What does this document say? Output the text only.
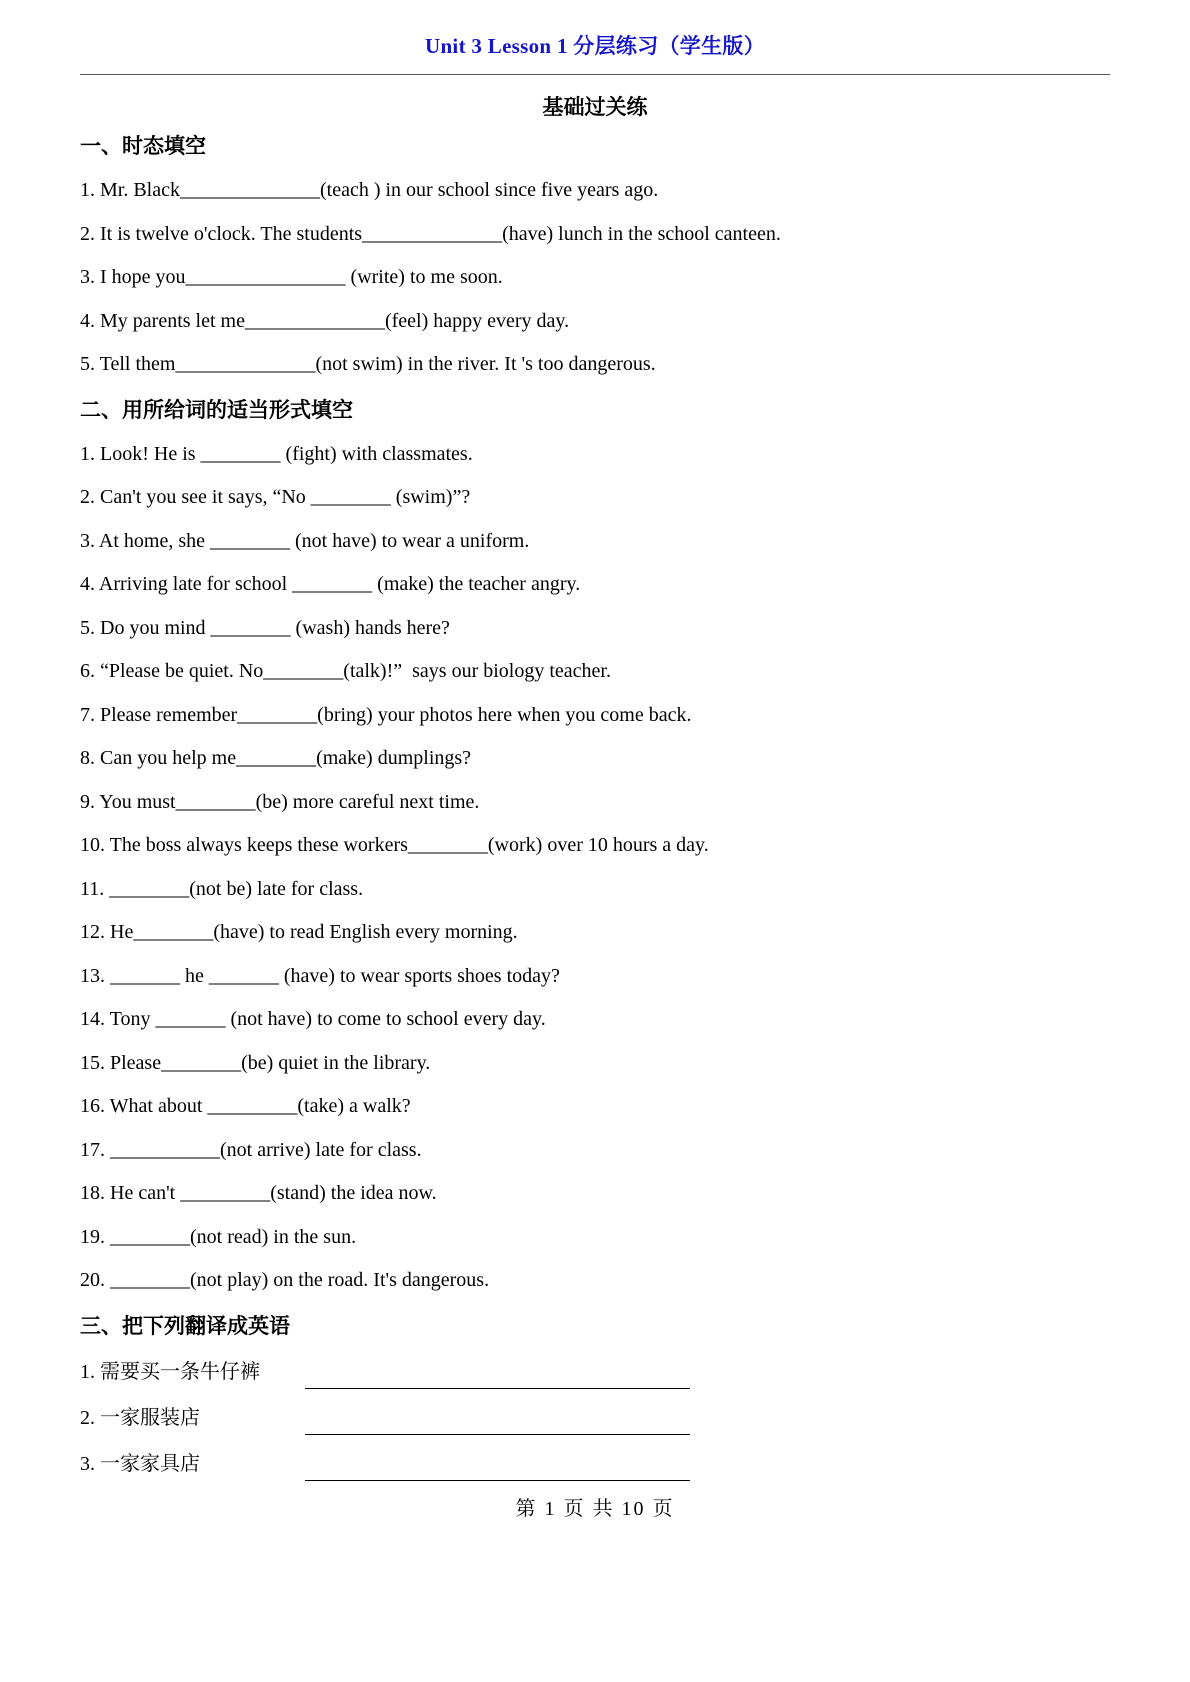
Unit 3 Lesson 1 分层练习（学生版）
基础过关练
一、时态填空
1. Mr. Black______________(teach ) in our school since five years ago.
2. It is twelve o'clock. The students______________(have) lunch in the school canteen.
3. I hope you________________ (write) to me soon.
4. My parents let me______________(feel) happy every day.
5. Tell them______________(not swim) in the river. It 's too dangerous.
二、用所给词的适当形式填空
1. Look! He is ________ (fight) with classmates.
2. Can't you see it says, “No ________ (swim)”?
3. At home, she ________ (not have) to wear a uniform.
4. Arriving late for school ________ (make) the teacher angry.
5. Do you mind ________ (wash) hands here?
6. “Please be quiet. No________(talk)!”  says our biology teacher.
7. Please remember________(bring) your photos here when you come back.
8. Can you help me________(make) dumplings?
9. You must________(be) more careful next time.
10. The boss always keeps these workers________(work) over 10 hours a day.
11. ________(not be) late for class.
12. He________(have) to read English every morning.
13. _______ he _______ (have) to wear sports shoes today?
14. Tony _______ (not have) to come to school every day.
15. Please________(be) quiet in the library.
16. What about _________(take) a walk?
17. ___________(not arrive) late for class.
18. He can't _________(stand) the idea now.
19. ________(not read) in the sun.
20. ________(not play) on the road. It's dangerous.
三、把下列翻译成英语
1. 需要买一条牛仔裤
2. 一家服装店
3. 一家家具店
第 1 页 共 10 页
